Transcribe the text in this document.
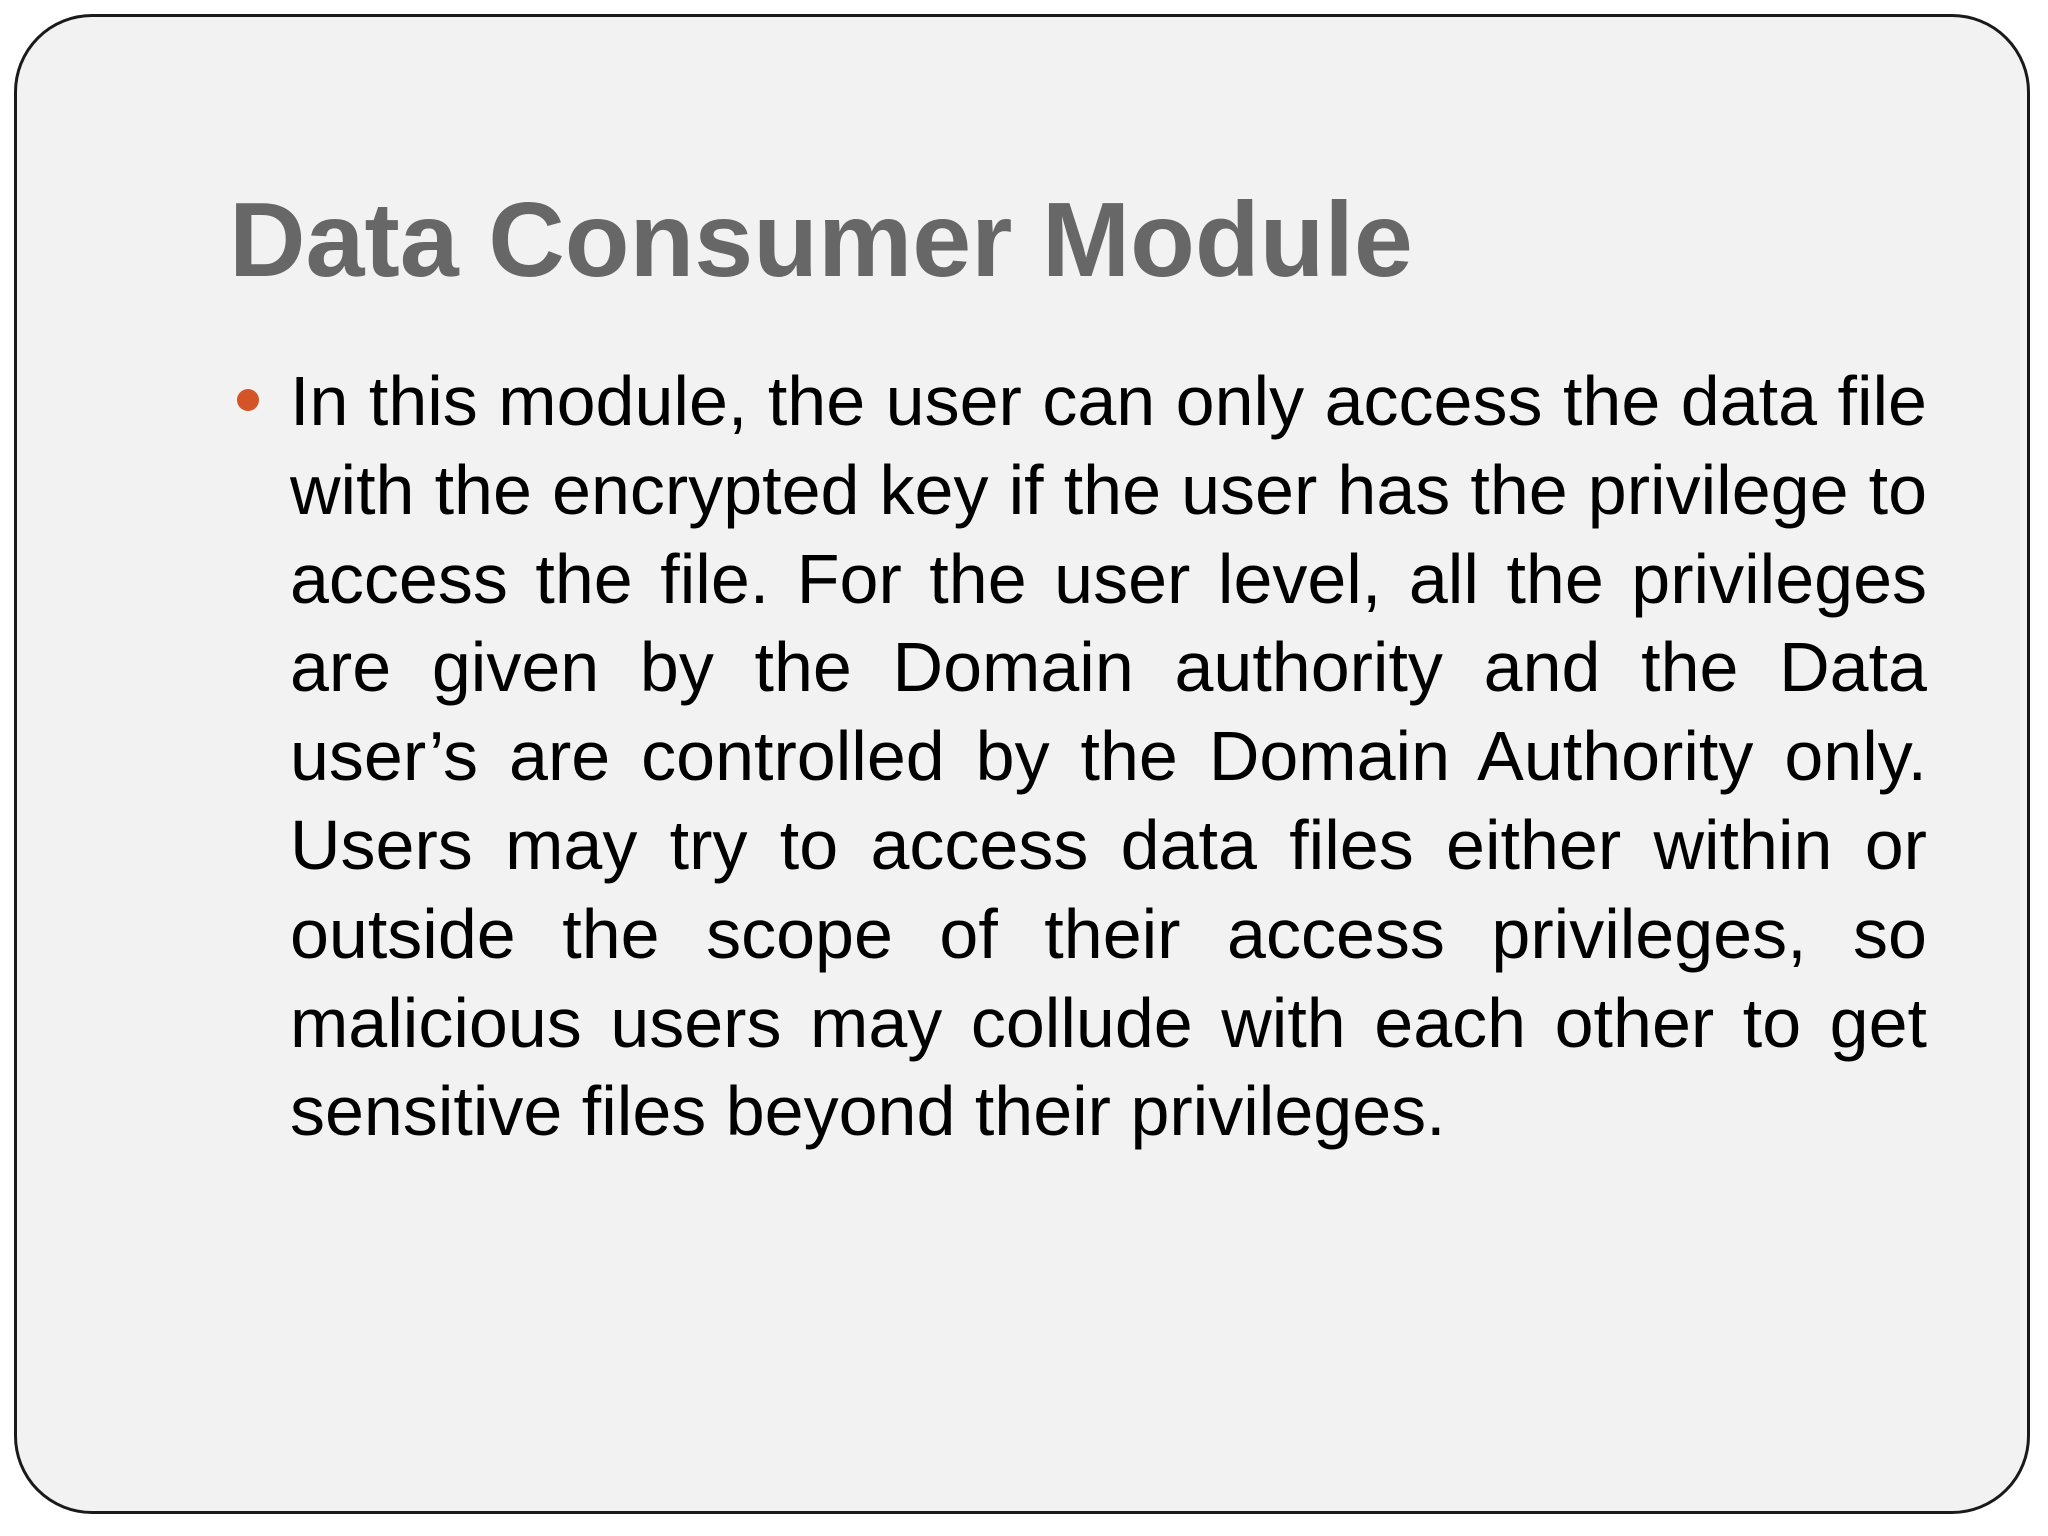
Data Consumer Module
In this module, the user can only access the data file with the encrypted key if the user has the privilege to access the file. For the user level, all the privileges are given by the Domain authority and the Data user’s are controlled by the Domain Authority only. Users may try to access data files either within or outside the scope of their access privileges, so malicious users may collude with each other to get sensitive files beyond their privileges.
